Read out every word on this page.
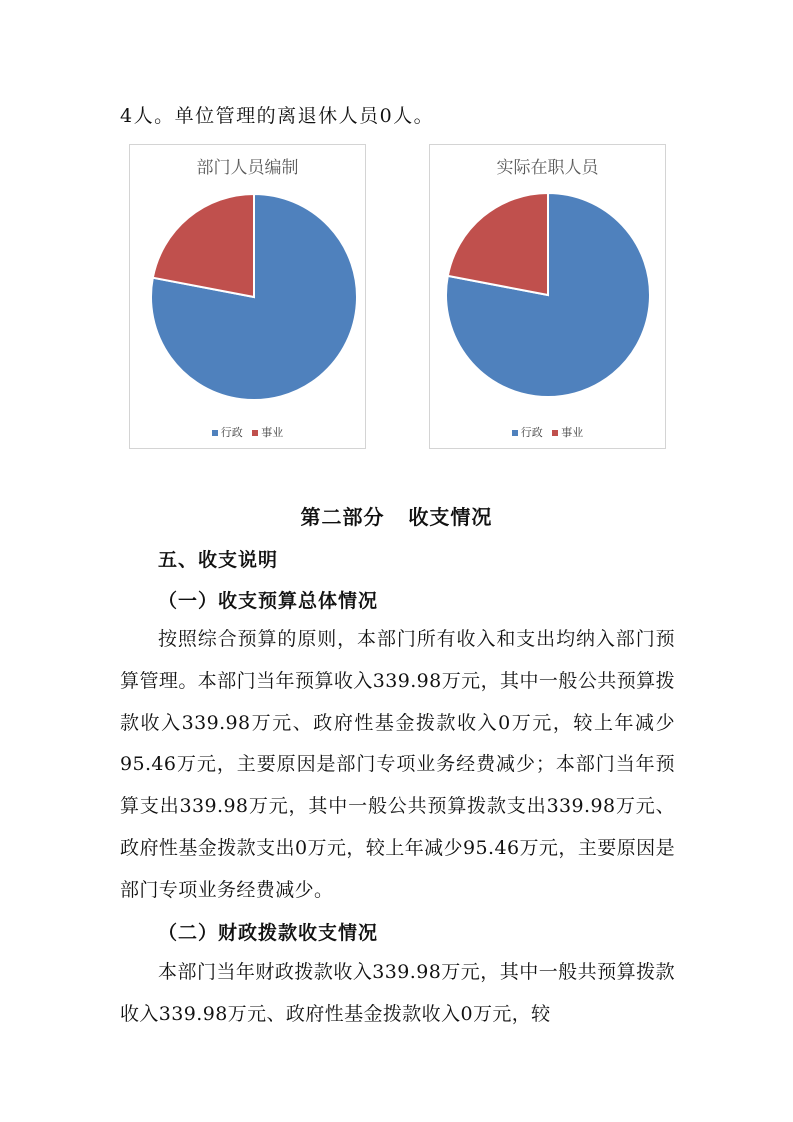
4人。单位管理的离退休人员0人。
部门人员编制
行政 事业
实际在职人员
行政 事业
第二部分   收支情况
五、收支说明
（一）收支预算总体情况
按照综合预算的原则，本部门所有收入和支出均纳入部门预算管理。本部门当年预算收入339.98万元，其中一般公共预算拨款收入339.98万元、政府性基金拨款收入0万元，较上年减少95.46万元，主要原因是部门专项业务经费减少；本部门当年预算支出339.98万元，其中一般公共预算拨款支出339.98万元、政府性基金拨款支出0万元，较上年减少95.46万元，主要原因是部门专项业务经费减少。
（二）财政拨款收支情况
本部门当年财政拨款收入339.98万元，其中一般共预算拨款收入339.98万元、政府性基金拨款收入0万元，较
